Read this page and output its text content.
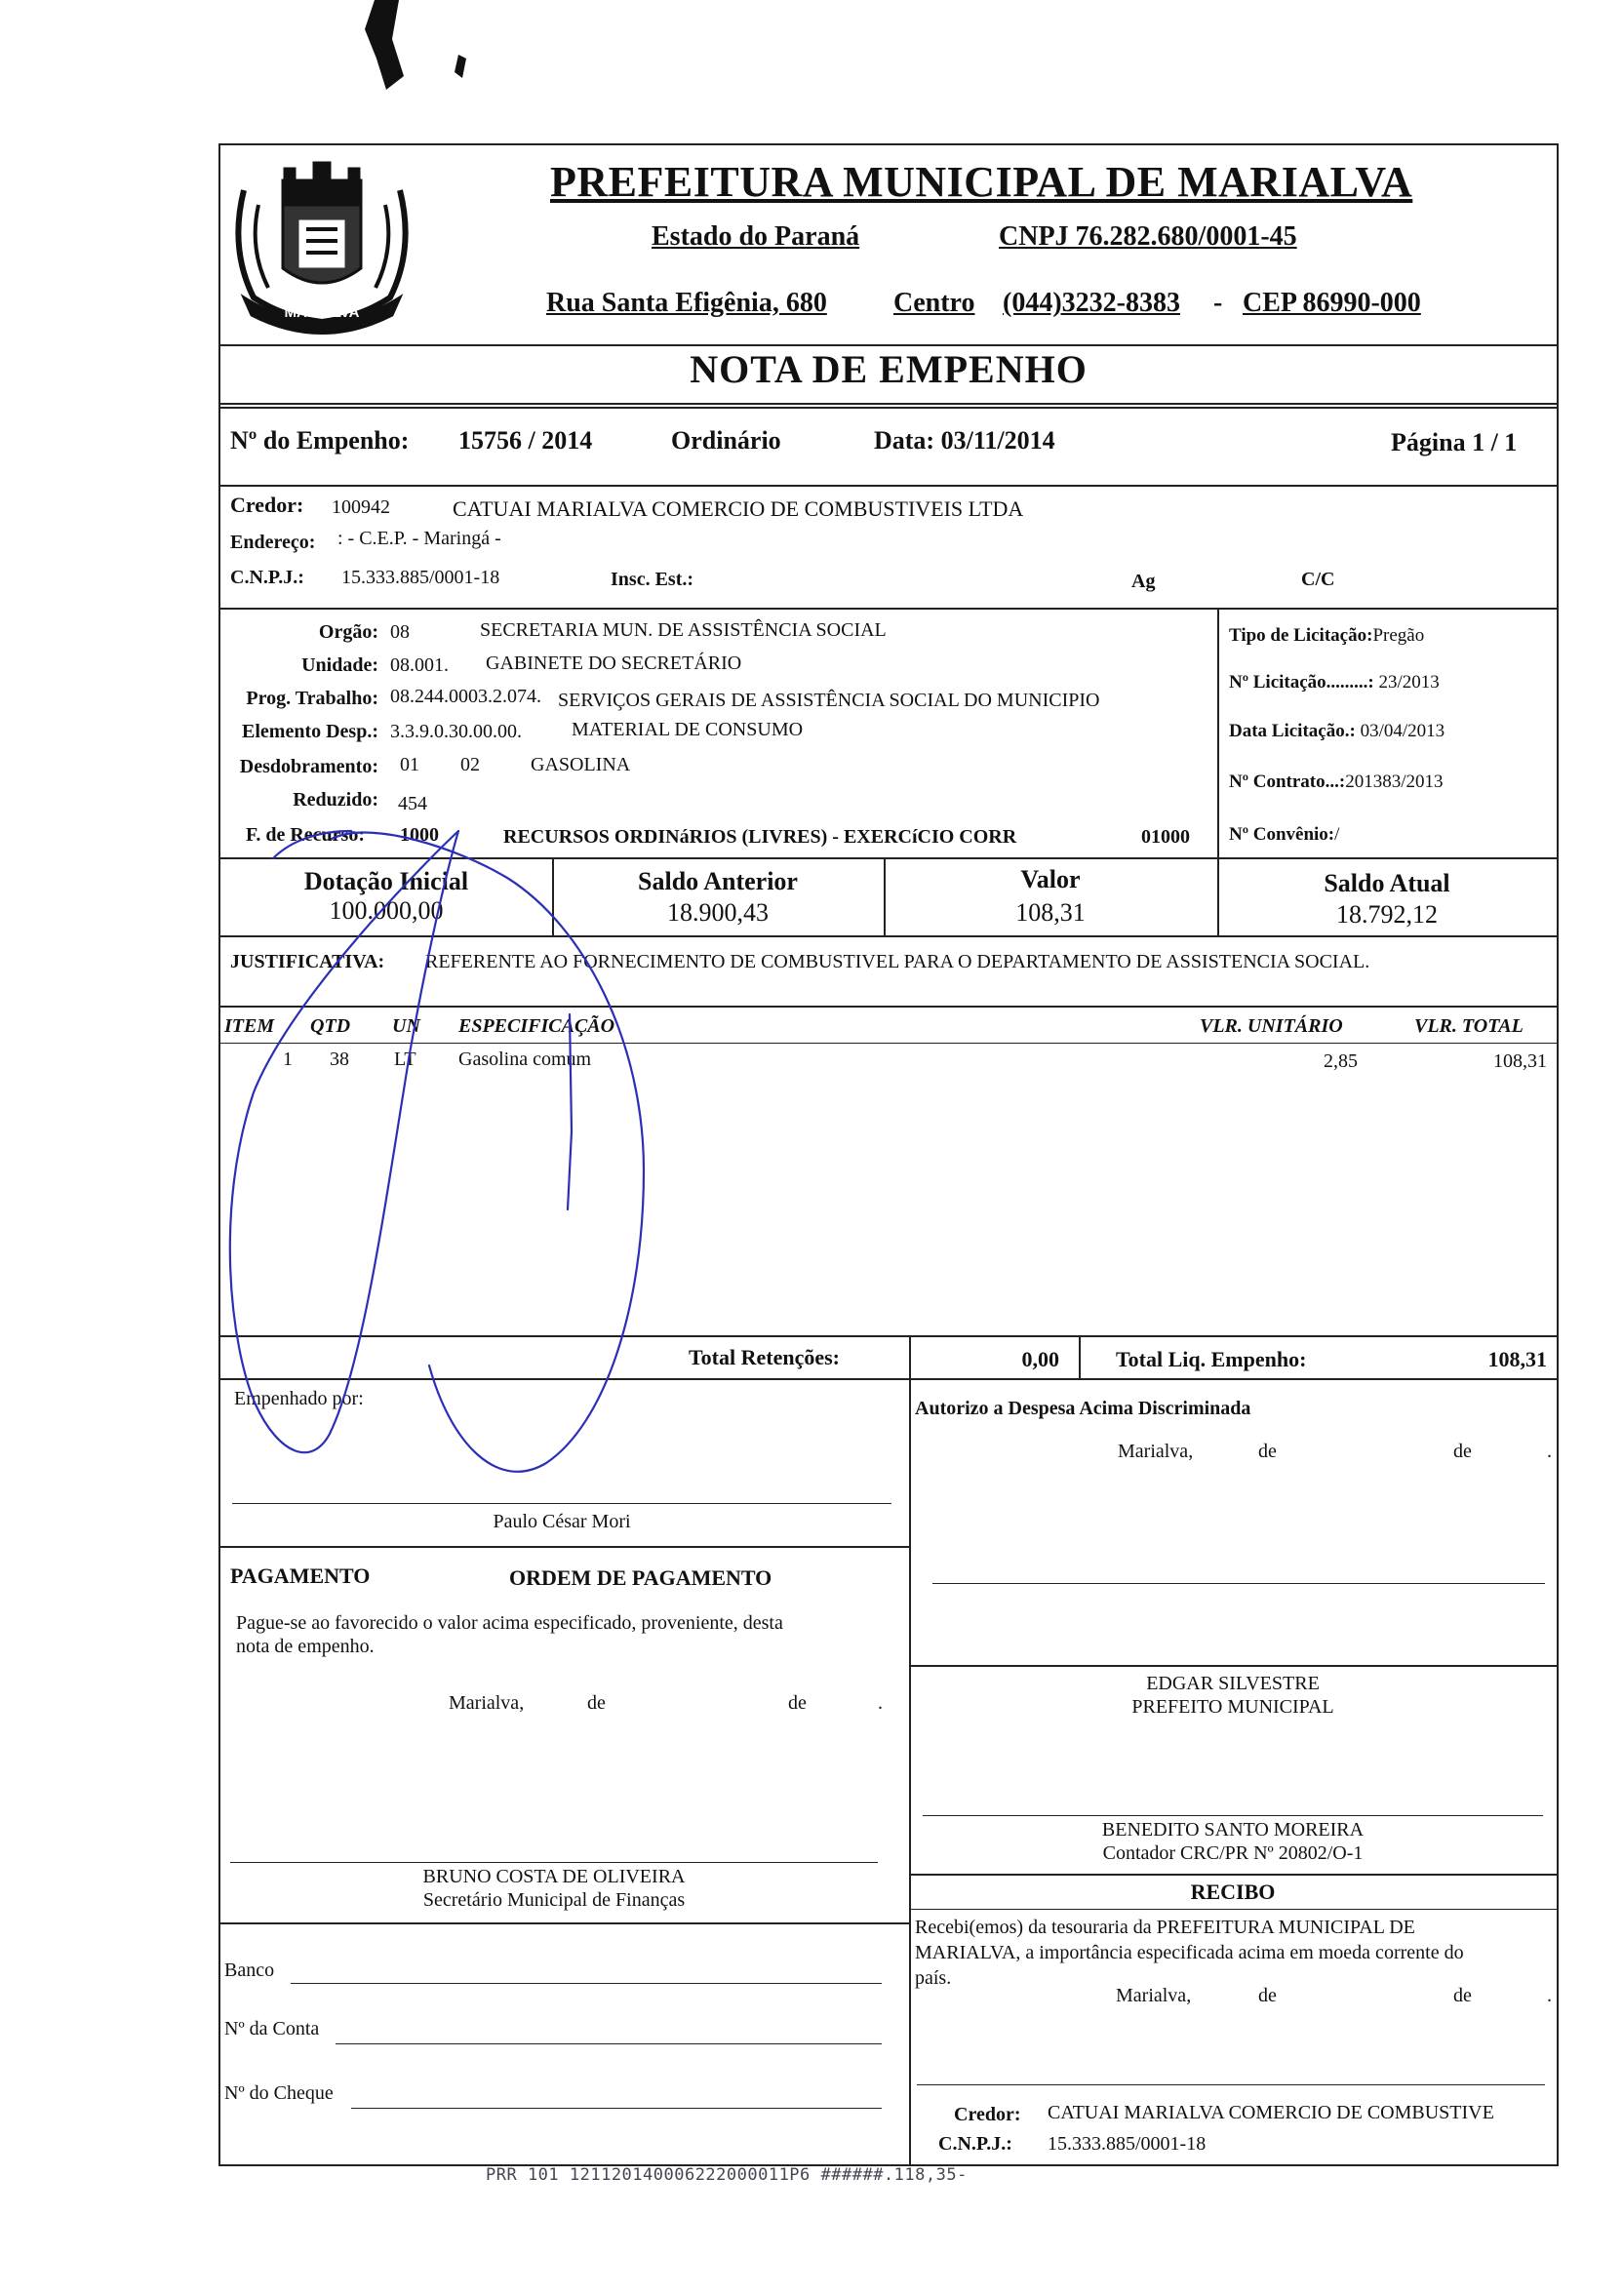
MARIALVA
PREFEITURA MUNICIPAL DE MARIALVA
Estado do Paraná	CNPJ 76.282.680/0001-45
Rua Santa Efigênia, 680 Centro (044)3232-8383 - CEP 86990-000
NOTA DE EMPENHO
Nº do Empenho: 15756 / 2014	Ordinário	Data: 03/11/2014	Página 1 / 1
Credor: 100942	CATUAI MARIALVA COMERCIO DE COMBUSTIVEIS LTDA
Endereço: : - C.E.P. - Maringá -
C.N.P.J.: 15.333.885/0001-18	Insc. Est.:	Ag	C/C
Orgão: 08	SECRETARIA MUN. DE ASSISTÊNCIA SOCIAL
Unidade: 08.001. GABINETE DO SECRETÁRIO
Prog. Trabalho: 08.244.0003.2.074. SERVIÇOS GERAIS DE ASSISTÊNCIA SOCIAL DO MUNICIPIO
Elemento Desp.: 3.3.9.0.30.00.00.	MATERIAL DE CONSUMO
Desdobramento: 01 02	GASOLINA
Reduzido: 454
F. de Recurso: 1000	RECURSOS ORDINáRIOS (LIVRES) - EXERCíCIO CORR	01000
Tipo de Licitação:Pregão
Nº Licitação.........: 23/2013
Data Licitação.: 03/04/2013
Nº Contrato...:201383/2013
Nº Convênio:/
Dotação Inicial
100.000,00
Saldo Anterior
18.900,43
Valor
108,31
Saldo Atual
18.792,12
JUSTIFICATIVA: REFERENTE AO FORNECIMENTO DE COMBUSTIVEL PARA O DEPARTAMENTO DE ASSISTENCIA SOCIAL.
ITEM QTD UN ESPECIFICAÇÃO	VLR. UNITÁRIO	VLR. TOTAL
1 38 LT Gasolina comum	2,85	108,31
Total Retenções:	0,00	Total Liq. Empenho:	108,31
Empenhado por:
Paulo César Mori
PAGAMENTO	ORDEM DE PAGAMENTO
Pague-se ao favorecido o valor acima especificado, proveniente, desta
nota de empenho.
Marialva,	de	de	.
BRUNO COSTA DE OLIVEIRA
Secretário Municipal de Finanças
Banco
Nº da Conta
Nº do Cheque
Autorizo a Despesa Acima Discriminada
Marialva,	de	de	.
EDGAR SILVESTRE
PREFEITO MUNICIPAL
BENEDITO SANTO MOREIRA
Contador CRC/PR Nº 20802/O-1
RECIBO
Recebi(emos) da tesouraria da PREFEITURA MUNICIPAL DE
MARIALVA, a importância especificada acima em moeda corrente do
país.
Marialva,	de	de	.
Credor: CATUAI MARIALVA COMERCIO DE COMBUSTIVE
C.N.P.J.: 15.333.885/0001-18
PRR 101 121120140006222000011P6 ######.118,35-
